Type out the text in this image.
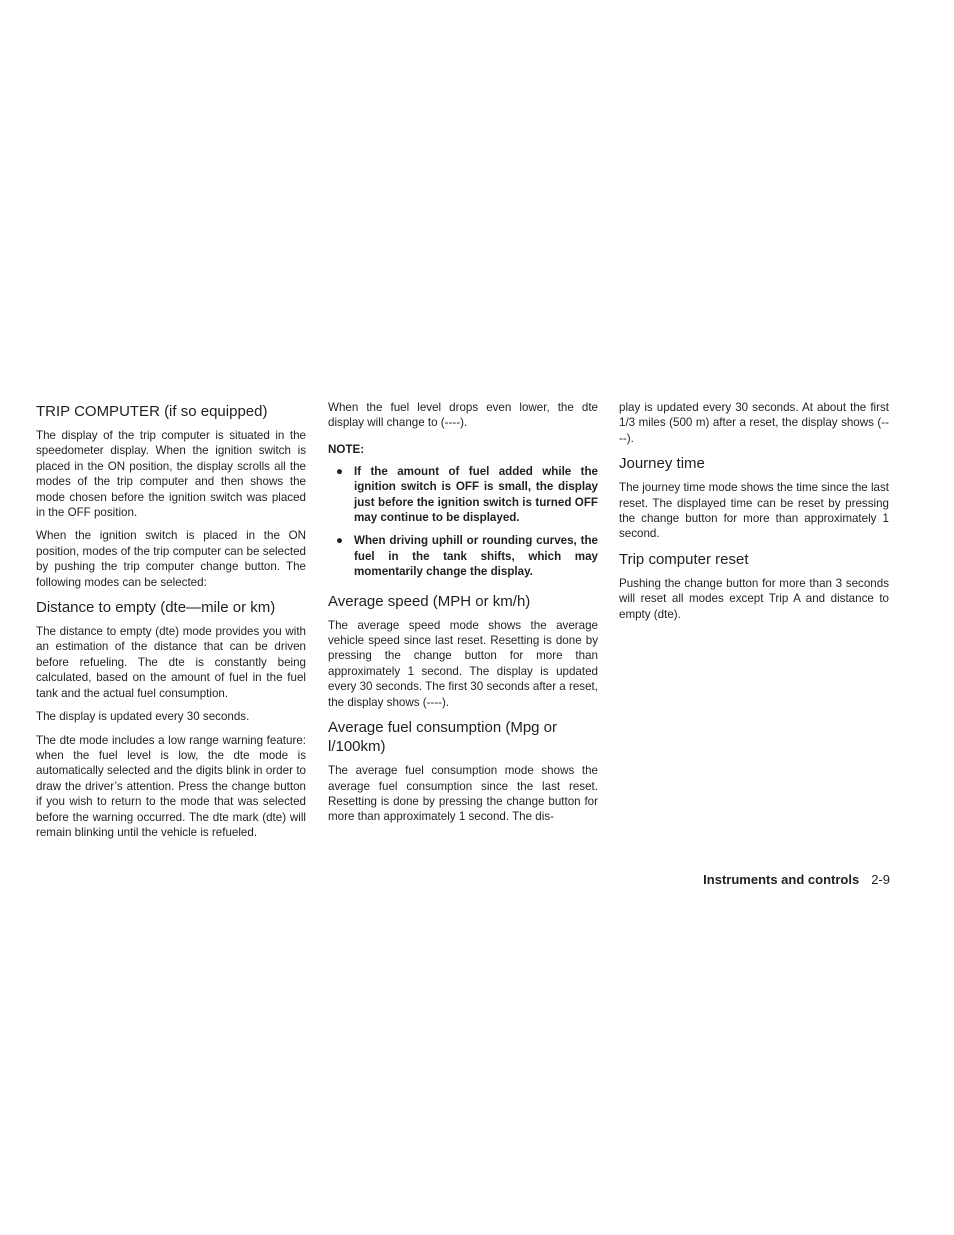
TRIP COMPUTER (if so equipped)

The display of the trip computer is situated in the speedometer display. When the ignition switch is placed in the ON position, the display scrolls all the modes of the trip computer and then shows the mode chosen before the ignition switch was placed in the OFF position.

When the ignition switch is placed in the ON position, modes of the trip computer can be selected by pushing the trip computer change button. The following modes can be selected:

Distance to empty (dte—mile or km)

The distance to empty (dte) mode provides you with an estimation of the distance that can be driven before refueling. The dte is constantly being calculated, based on the amount of fuel in the fuel tank and the actual fuel consumption.

The display is updated every 30 seconds.

The dte mode includes a low range warning feature: when the fuel level is low, the dte mode is automatically selected and the digits blink in order to draw the driver’s attention. Press the change button if you wish to return to the mode that was selected before the warning occurred. The dte mark (dte) will remain blinking until the vehicle is refueled.

When the fuel level drops even lower, the dte display will change to (----).

NOTE:
● If the amount of fuel added while the ignition switch is OFF is small, the display just before the ignition switch is turned OFF may continue to be displayed.
● When driving uphill or rounding curves, the fuel in the tank shifts, which may momentarily change the display.
Average speed (MPH or km/h)

The average speed mode shows the average vehicle speed since last reset. Resetting is done by pressing the change button for more than approximately 1 second. The display is updated every 30 seconds. The first 30 seconds after a reset, the display shows (----).

Average fuel consumption (Mpg or l/100km)

The average fuel consumption mode shows the average fuel consumption since the last reset. Resetting is done by pressing the change button for more than approximately 1 second. The dis-

play is updated every 30 seconds. At about the first 1/3 miles (500 m) after a reset, the display shows (----).

Journey time

The journey time mode shows the time since the last reset. The displayed time can be reset by pressing the change button for more than approximately 1 second.

Trip computer reset

Pushing the change button for more than 3 seconds will reset all modes except Trip A and distance to empty (dte).

Instruments and controls 2-9
